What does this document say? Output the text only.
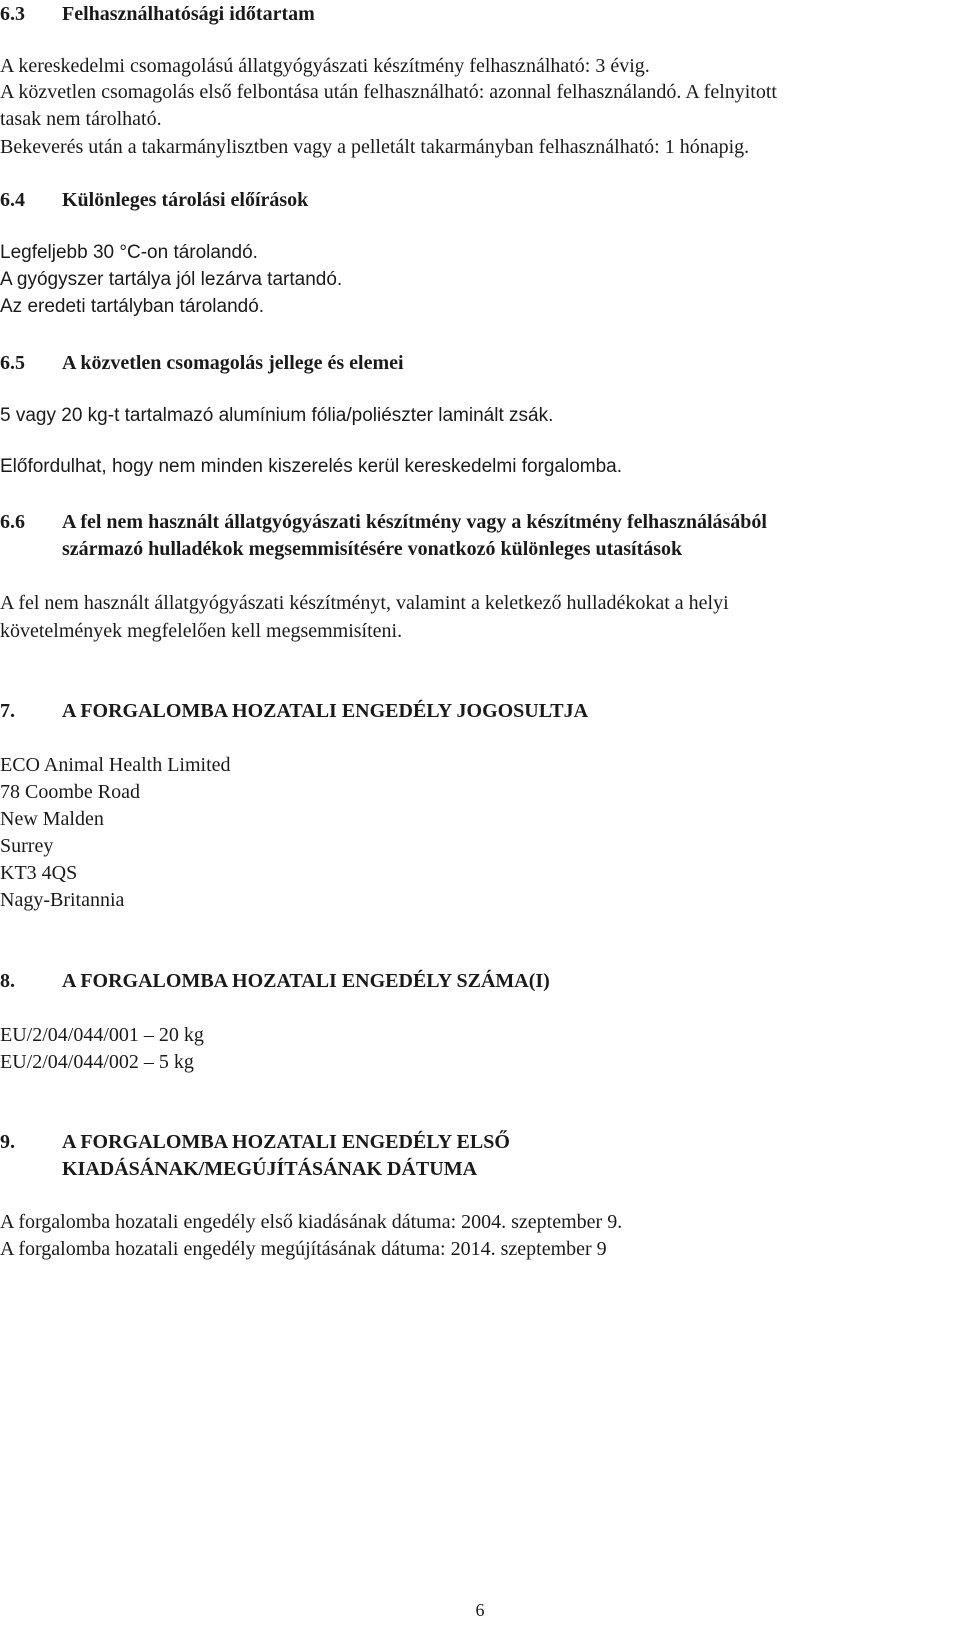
6.3 Felhasználhatósági időtartam
A kereskedelmi csomagolású állatgyógyászati készítmény felhasználható: 3 évig.
A közvetlen csomagolás első felbontása után felhasználható: azonnal felhasználandó. A felnyitott
tasak nem tárolható.
Bekeverés után a takarmánylisztben vagy a pelletált takarmányban felhasználható: 1 hónapig.
6.4 Különleges tárolási előírások
Legfeljebb 30 °C-on tárolandó.
A gyógyszer tartálya jól lezárva tartandó.
Az eredeti tartályban tárolandó.
6.5 A közvetlen csomagolás jellege és elemei
5 vagy 20 kg-t tartalmazó alumínium fólia/poliészter laminált zsák.
Előfordulhat, hogy nem minden kiszerelés kerül kereskedelmi forgalomba.
6.6 A fel nem használt állatgyógyászati készítmény vagy a készítmény felhasználásából
származó hulladékok megsemmisítésére vonatkozó különleges utasítások
A fel nem használt állatgyógyászati készítményt, valamint a keletkező hulladékokat a helyi
követelmények megfelelően kell megsemmisíteni.
7. A FORGALOMBA HOZATALI ENGEDÉLY JOGOSULTJA
ECO Animal Health Limited
78 Coombe Road
New Malden
Surrey
KT3 4QS
Nagy-Britannia
8. A FORGALOMBA HOZATALI ENGEDÉLY SZÁMA(I)
EU/2/04/044/001 – 20 kg
EU/2/04/044/002 – 5 kg
9. A FORGALOMBA HOZATALI ENGEDÉLY ELSŐ
KIADÁSÁNAK/MEGÚJÍTÁSÁNAK DÁTUMA
A forgalomba hozatali engedély első kiadásának dátuma: 2004. szeptember 9.
A forgalomba hozatali engedély megújításának dátuma: 2014. szeptember 9
6
